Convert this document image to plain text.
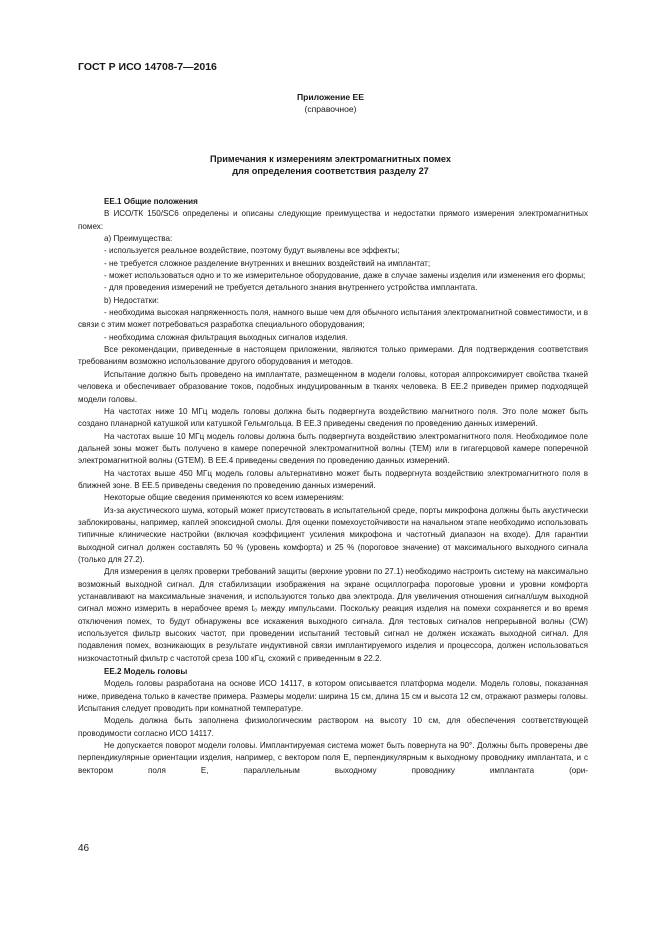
ГОСТ Р ИСО 14708-7—2016
Приложение ЕЕ
(справочное)
Примечания к измерениям электромагнитных помех
для определения соответствия разделу 27

ЕЕ.1 Общие положения

В ИСО/ТК 150/SC6 определены и описаны следующие преимущества и недостатки прямого измерения электромагнитных помех:

а) Преимущества:

- используется реальное воздействие, поэтому будут выявлены все эффекты;

- не требуется сложное разделение внутренних и внешних воздействий на имплантат;

- может использоваться одно и то же измерительное оборудование, даже в случае замены изделия или изменения его формы;

- для проведения измерений не требуется детального знания внутреннего устройства имплантата.

b) Недостатки:

- необходима высокая напряженность поля, намного выше чем для обычного испытания электромагнитной совместимости, и в связи с этим может потребоваться разработка специального оборудования;

- необходима сложная фильтрация выходных сигналов изделия.

Все рекомендации, приведенные в настоящем приложении, являются только примерами. Для подтверждения соответствия требованиям возможно использование другого оборудования и методов.

Испытание должно быть проведено на имплантате, размещенном в модели головы, которая аппроксимирует свойства тканей человека и обеспечивает образование токов, подобных индуцированным в тканях человека. В ЕЕ.2 приведен пример подходящей модели головы.

На частотах ниже 10 МГц модель головы должна быть подвергнута воздействию магнитного поля. Это поле может быть создано планарной катушкой или катушкой Гельмгольца. В ЕЕ.3 приведены сведения по проведению данных измерений.

На частотах выше 10 МГц модель головы должна быть подвергнута воздействию электромагнитного поля. Необходимое поле дальней зоны может быть получено в камере поперечной электромагнитной волны (ТЕМ) или в гигагерцовой камере поперечной электромагнитной волны (GTEM). В ЕЕ.4 приведены сведения по проведению данных измерений.

На частотах выше 450 МГц модель головы альтернативно может быть подвергнута воздействию электромагнитного поля в ближней зоне. В ЕЕ.5 приведены сведения по проведению данных измерений.

Некоторые общие сведения применяются ко всем измерениям:

Из-за акустического шума, который может присутствовать в испытательной среде, порты микрофона должны быть акустически заблокированы, например, каплей эпоксидной смолы. Для оценки помехоустойчивости на начальном этапе необходимо использовать типичные клинические настройки (включая коэффициент усиления микрофона и частотный диапазон на входе). Для гарантии выходной сигнал должен составлять 50 % (уровень комфорта) и 25 % (пороговое значение) от максимального выходного сигнала (только для 27.2).

Для измерения в целях проверки требований защиты (верхние уровни по 27.1) необходимо настроить систему на максимально возможный выходной сигнал. Для стабилизации изображения на экране осциллографа пороговые уровни и уровни комфорта устанавливают на максимальные значения, и используются только два электрода. Для увеличения отношения сигнал/шум выходной сигнал можно измерить в нерабочее время t₀ между импульсами. Поскольку реакция изделия на помехи сохраняется и во время отключения помех, то будут обнаружены все искажения выходного сигнала. Для тестовых сигналов непрерывной волны (CW) используется фильтр высоких частот, при проведении испытаний тестовый сигнал не должен искажать выходной сигнал. Для подавления помех, возникающих в результате индуктивной связи имплантируемого изделия и процессора, должен использоваться низкочастотный фильтр с частотой среза 100 кГц, схожий с приведенным в 22.2.

ЕЕ.2 Модель головы

Модель головы разработана на основе ИСО 14117, в котором описывается платформа модели. Модель головы, показанная ниже, приведена только в качестве примера. Размеры модели: ширина 15 см, длина 15 см и высота 12 см, отражают размеры головы. Испытания следует проводить при комнатной температуре.

Модель должна быть заполнена физиологическим раствором на высоту 10 см, для обеспечения соответствующей проводимости согласно ИСО 14117.

Не допускается поворот модели головы. Имплантируемая система может быть повернута на 90°. Должны быть проверены две перпендикулярные ориентации изделия, например, с вектором поля E, перпендикулярным к выходному проводнику имплантата, и с вектором поля E, параллельным выходному проводнику имплантата (ори-

46
